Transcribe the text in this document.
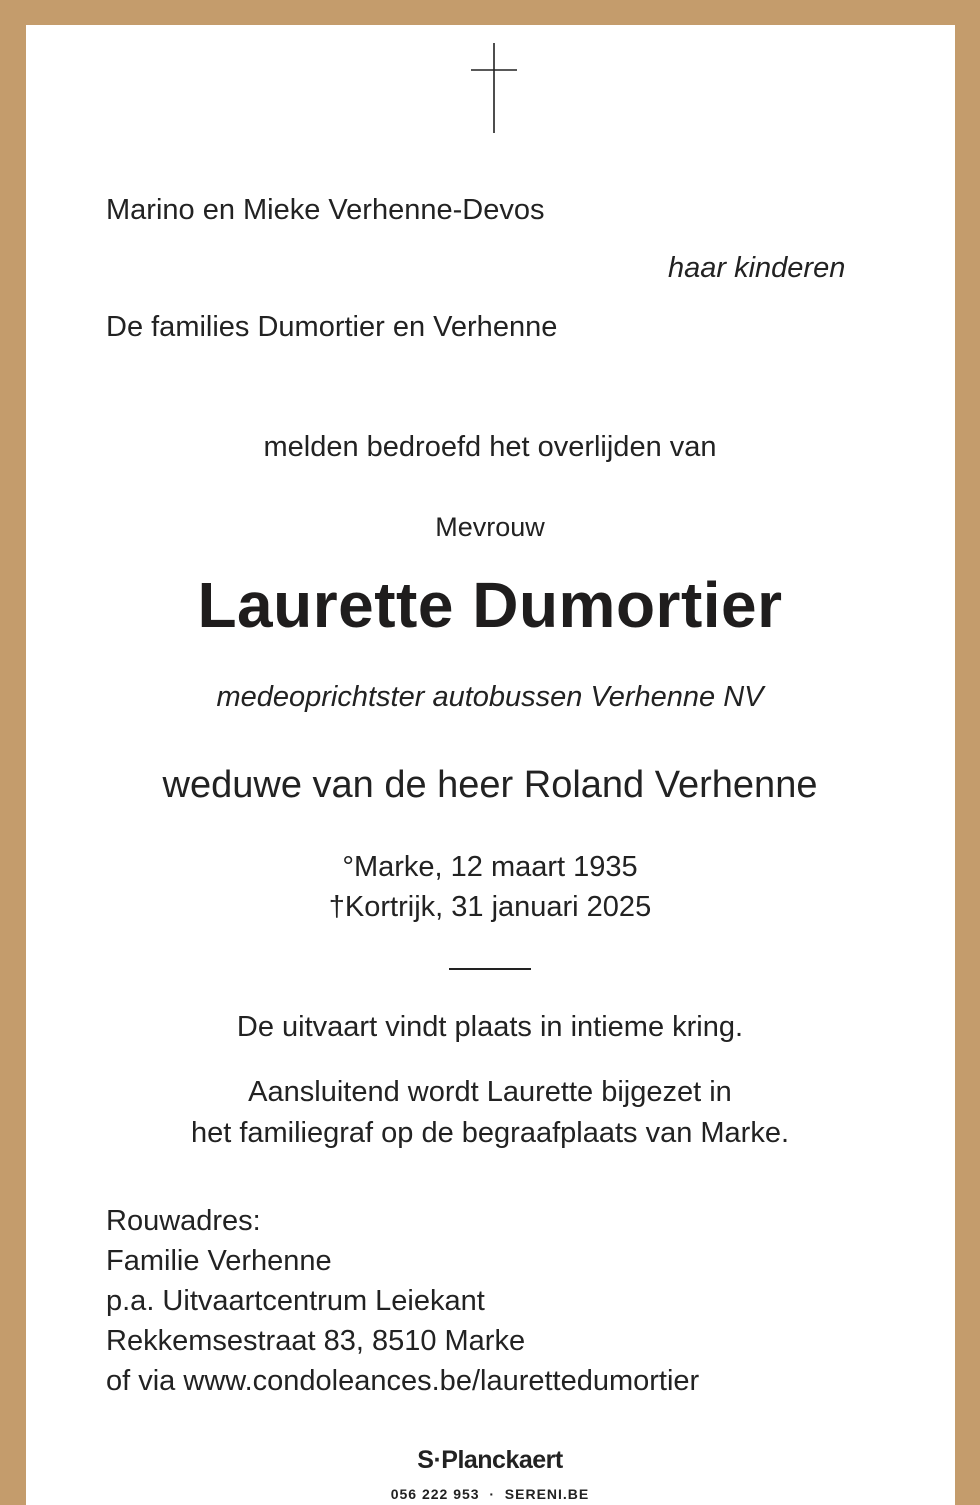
Marino en Mieke Verhenne-Devos
haar kinderen
De families Dumortier en Verhenne
melden bedroefd het overlijden van
Mevrouw
Laurette Dumortier
medeoprichtster autobussen Verhenne NV
weduwe van de heer Roland Verhenne
°Marke, 12 maart 1935
†Kortrijk, 31 januari 2025
De uitvaart vindt plaats in intieme kring.
Aansluitend wordt Laurette bijgezet in
het familiegraf op de begraafplaats van Marke.
Rouwadres:
Familie Verhenne
p.a. Uitvaartcentrum Leiekant
Rekkemsestraat 83, 8510 Marke
of via www.condoleances.be/laurettedumortier
S·Planckaert
056 222 953  ·  SERENI.BE
